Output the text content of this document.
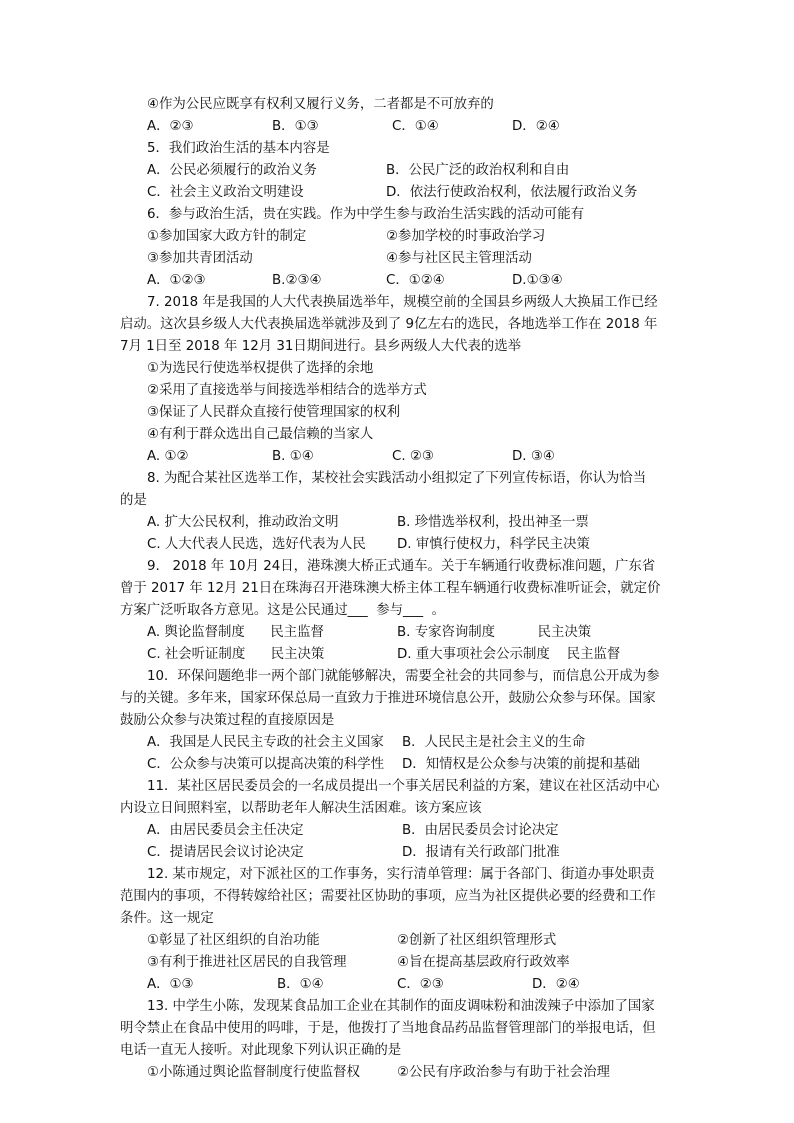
④作为公民应既享有权利又履行义务，二者都是不可放弃的

A．②③

	B．①③

	C．①④

	D．②④

5．我们政治生活的基本内容是
A．公民必须履行的政治义务	B．公民广泛的政治权利和自由
C．社会主义政治文明建设	D．依法行使政治权利，依法履行政治义务
6．参与政治生活，贵在实践。作为中学生参与政治生活实践的活动可能有
①参加国家大政方针的制定	②参加学校的时事政治学习
③参加共青团活动	④参与社区民主管理活动

A．①②③

	B.②③④

	C．①②④

	D.①③④

7. 2018 年是我国的人大代表换届选举年，规模空前的全国县乡两级人大换届工作已经
启动。这次县乡级人大代表换届选举就涉及到了 9亿左右的选民，各地选举工作在 2018 年
7月 1日至 2018 年 12月 31日期间进行。县乡两级人大代表的选举
①为选民行使选举权提供了选择的余地
②采用了直接选举与间接选举相结合的选举方式
③保证了人民群众直接行使管理国家的权利
④有利于群众选出自己最信赖的当家人

A. ①②

	B. ①④

	C. ②③

	D. ③④

8. 为配合某社区选举工作，某校社会实践活动小组拟定了下列宣传标语，你认为恰当
的是
A. 扩大公民权利，推动政治文明	B. 珍惜选举权利，投出神圣一票
C. 人大代表人民选，选好代表为人民 D. 审慎行使权力，科学民主决策
9.   2018 年 10月 24日，港珠澳大桥正式通车。关于车辆通行收费标准问题，广东省
曾于 2017 年 12月 21日在珠海召开港珠澳大桥主体工程车辆通行收费标准听证会，就定价
方案广泛听取各方意见。这是公民通过___  参与___  。
A. 舆论监督制度      民主监督	B. 专家咨询制度          民主决策
C. 社会听证制度      民主决策	D. 重大事项社会公示制度    民主监督
10．环保问题绝非一两个部门就能够解决，需要全社会的共同参与，而信息公开成为参
与的关键。多年来，国家环保总局一直致力于推进环境信息公开，鼓励公众参与环保。国家
鼓励公众参与决策过程的直接原因是
A．我国是人民民主专政的社会主义国家 B．人民民主是社会主义的生命
C．公众参与决策可以提高决策的科学性 D．知情权是公众参与决策的前提和基础
11．某社区居民委员会的一名成员提出一个事关居民利益的方案，建议在社区活动中心
内设立日间照料室，以帮助老年人解决生活困难。该方案应该
A．由居民委员会主任决定	B．由居民委员会讨论决定
C．提请居民会议讨论决定	D．报请有关行政部门批准
12. 某市规定，对下派社区的工作事务，实行清单管理：属于各部门、街道办事处职责
范围内的事项，不得转嫁给社区；需要社区协助的事项，应当为社区提供必要的经费和工作
条件。这一规定
①彰显了社区组织的自治功能	②创新了社区组织管理形式
③有利于推进社区居民的自我管理	④旨在提高基层政府行政效率

A．①③

	B．①④

	C．②③

	D．②④

13. 中学生小陈，发现某食品加工企业在其制作的面皮调味粉和油泼辣子中添加了国家
明令禁止在食品中使用的吗啡，于是，他拨打了当地食品药品监督管理部门的举报电话，但
电话一直无人接听。对此现象下列认识正确的是
①小陈通过舆论监督制度行使监督权	②公民有序政治参与有助于社会治理
